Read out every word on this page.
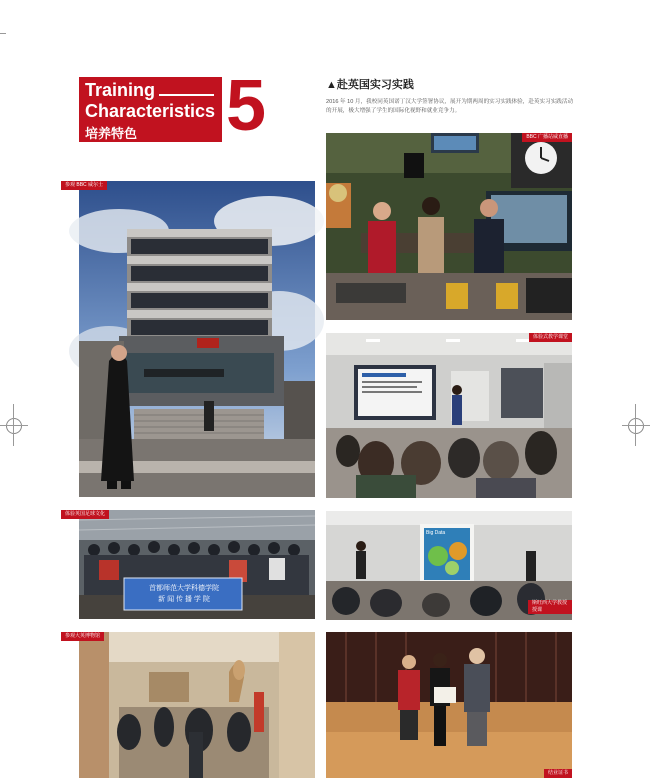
Training
Characteristics
培养特色 5	▲赴英国实习实践
2016 年 10 月，我校同英国诺丁汉大学签署协议，展开为期两周的实习实践体验，赴英实习实践活动的开展，极大增强了学生的国际化视野和就业竞争力。
BBC 广播站威直播
参观 BBC 威尔士
体验式教学课堂
首都师范大学科德学院
新 闻 传 播 学 院
体验英国足球文化
斯旺西大学教授授课
Big Data
参观大英博物馆
结业证书
